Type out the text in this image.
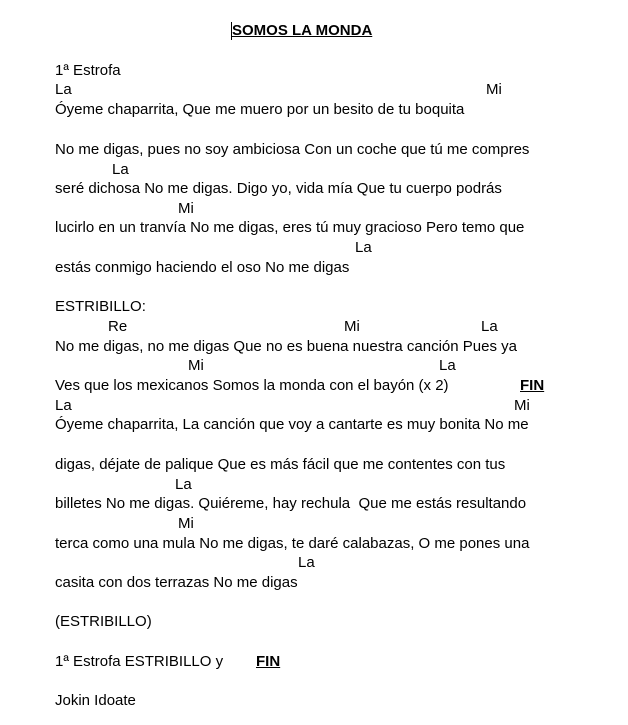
SOMOS LA MONDA
1ª Estrofa
La	Mi
Óyeme chaparrita, Que me muero por un besito de tu boquita
No me digas, pues no soy ambiciosa Con un coche que tú me compres
La
seré dichosa No me digas. Digo yo, vida mía Que tu cuerpo podrás
Mi
lucirlo en un tranvía No me digas, eres tú muy gracioso Pero temo que
La
estás conmigo haciendo el oso No me digas
ESTRIBILLO:
Re	Mi	La
No me digas, no me digas Que no es buena nuestra canción Pues ya
Mi	La
Ves que los mexicanos Somos la monda con el bayón (x 2)	FIN
La	Mi
Óyeme chaparrita, La canción que voy a cantarte es muy bonita No me
digas, déjate de palique Que es más fácil que me contentes con tus
La
billetes No me digas. Quiéreme, hay rechula  Que me estás resultando
Mi
terca como una mula No me digas, te daré calabazas, O me pones una
La
casita con dos terrazas No me digas
(ESTRIBILLO)
1ª Estrofa ESTRIBILLO y FIN
Jokin Idoate
